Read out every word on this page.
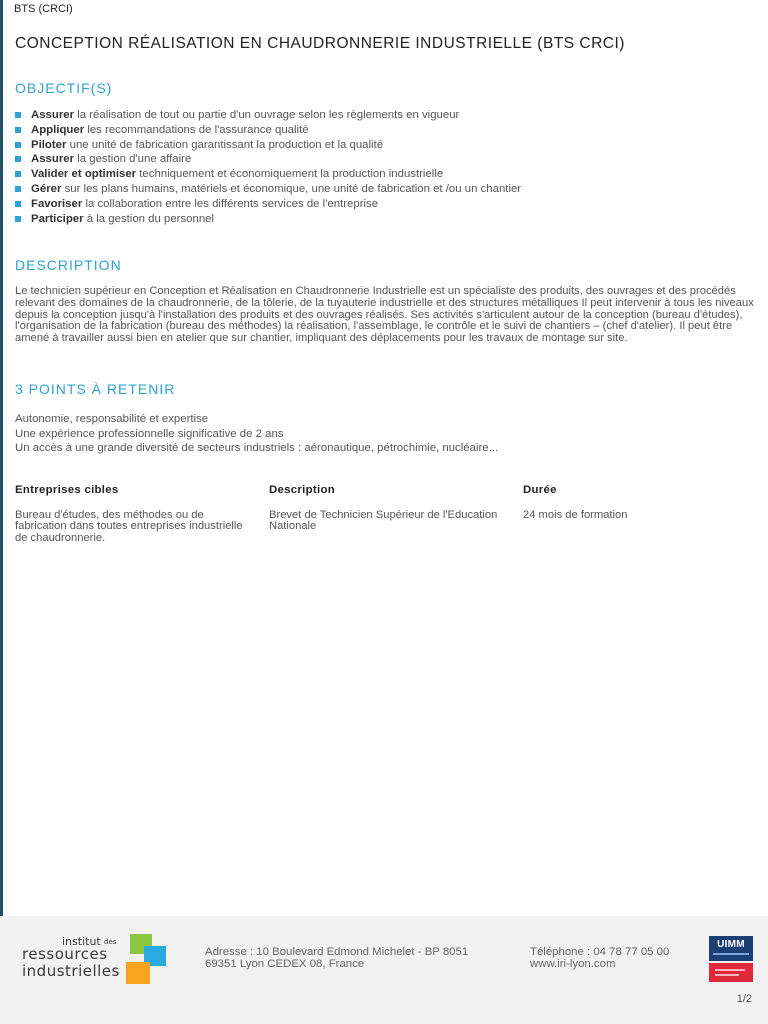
BTS (CRCI)
CONCEPTION RÉALISATION EN CHAUDRONNERIE INDUSTRIELLE (BTS CRCI)
OBJECTIF(S)
Assurer la réalisation de tout ou partie d'un ouvrage selon les règlements en vigueur
Appliquer les recommandations de l'assurance qualité
Piloter une unité de fabrication garantissant la production et la qualité
Assurer la gestion d'une affaire
Valider et optimiser techniquement et économiquement la production industrielle
Gérer sur les plans humains, matériels et économique, une unité de fabrication et /ou un chantier
Favoriser la collaboration entre les différents services de l'entreprise
Participer à la gestion du personnel
DESCRIPTION

Le technicien supérieur en Conception et Réalisation en Chaudronnerie Industrielle est un spécialiste des produits, des ouvrages et des procédés relevant des domaines de la chaudronnerie, de la tôlerie, de la tuyauterie industrielle et des structures métalliques Il peut intervenir à tous les niveaux depuis la conception jusqu'à l'installation des produits et des ouvrages réalisés. Ses activités s'articulent autour de la conception (bureau d'études), l'organisation de la fabrication (bureau des méthodes) la réalisation, l'assemblage, le contrôle et le suivi de chantiers – (chef d'atelier). Il peut être amené à travailler aussi bien en atelier que sur chantier, impliquant des déplacements pour les travaux de montage sur site.

3 POINTS À RETENIR
Autonomie, responsabilité et expertise
Une expérience professionnelle significative de 2 ans
Un accès à une grande diversité de secteurs industriels : aéronautique, pétrochimie, nucléaire...
Entreprises cibles	Description	Durée
Bureau d'études, des méthodes ou de fabrication dans toutes entreprises industrielle de chaudronnerie.
Brevet de Technicien Supérieur de l'Education Nationale
24 mois de formation
institut des
ressources
industrielles
Adresse : 10 Boulevard Edmond Michelet - BP 8051
69351 Lyon CEDEX 08, France
Téléphone : 04 78 77 05 00
www.iri-lyon.com
UIMM
1/2
